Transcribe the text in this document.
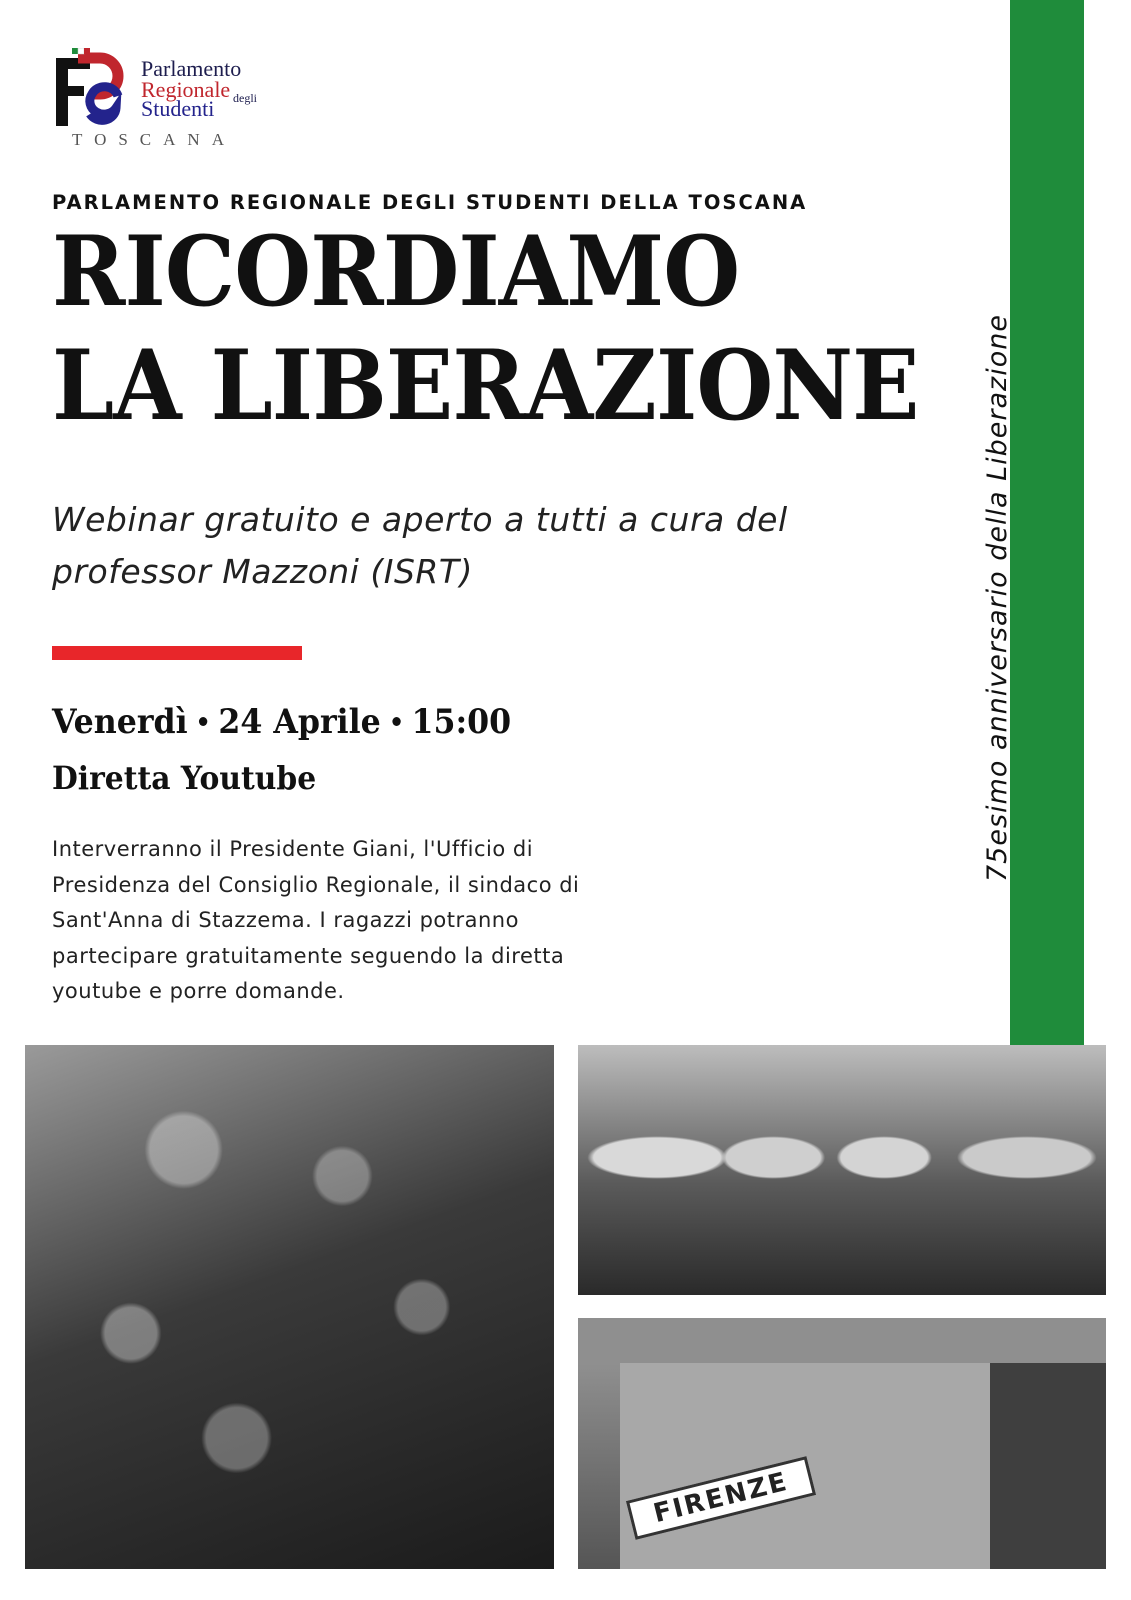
Parlamento
Regionale
Studenti degli
TOSCANA
75esimo anniversario della Liberazione
PARLAMENTO REGIONALE DEGLI STUDENTI DELLA TOSCANA
RICORDIAMO
LA LIBERAZIONE
Webinar gratuito e aperto a tutti a cura del professor Mazzoni (ISRT)
Venerdì 24 Aprile 15:00
Diretta Youtube
Interverranno il Presidente Giani, l'Ufficio di Presidenza del Consiglio Regionale, il sindaco di Sant'Anna di Stazzema. I ragazzi potranno partecipare gratuitamente seguendo la diretta youtube e porre domande.
FIRENZE
